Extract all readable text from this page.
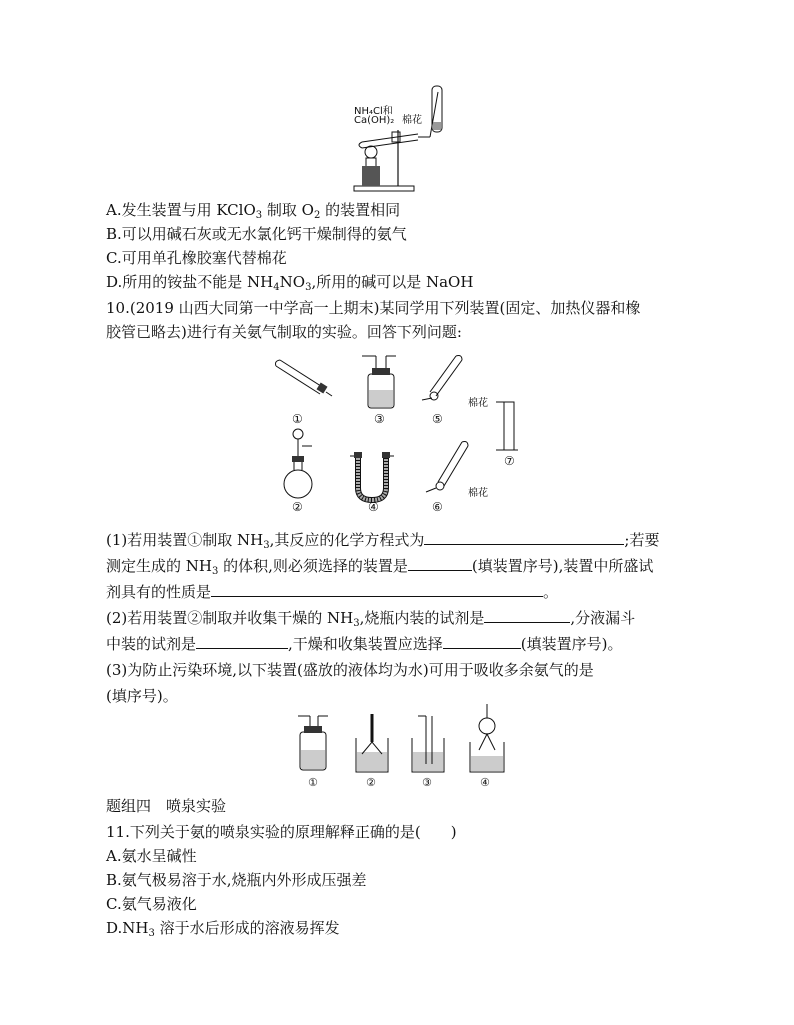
NH₄Cl和
Ca(OH)₂ 棉花
A.发生装置与用 KClO$_3$ 制取 $O_2$ 的装置相同
B.可以用碱石灰或无水氯化钙干燥制得的氨气
C.可用单孔橡胶塞代替棉花
D.所用的铵盐不能是 $NH_4NO_3$,所用的碱可以是 NaOH
10.(2019 山西大同第一中学高一上期末)某同学用下列装置(固定、加热仪器和橡
胶管已略去)进行有关氨气制取的实验。回答下列问题:
①
②
③
④
⑤
⑥
⑦
棉花
棉花
(1)若用装置①制取 $NH_3$,其反应的化学方程式为	;若要
测定生成的 $NH_3$ 的体积,则必须选择的装置是	(填装置序号),装置中所盛试
剂具有的性质是	。
(2)若用装置②制取并收集干燥的 $NH_3$,烧瓶内装的试剂是	,分液漏斗
中装的试剂是	,干燥和收集装置应选择	(填装置序号)。
(3)为防止污染环境,以下装置(盛放的液体均为水)可用于吸收多余氨气的是
(填序号)。
①	②	③	④
题组四　喷泉实验
11.下列关于氨的喷泉实验的原理解释正确的是(　　)
A.氨水呈碱性
B.氨气极易溶于水,烧瓶内外形成压强差
C.氨气易液化
$D.NH_3$ 溶于水后形成的溶液易挥发
